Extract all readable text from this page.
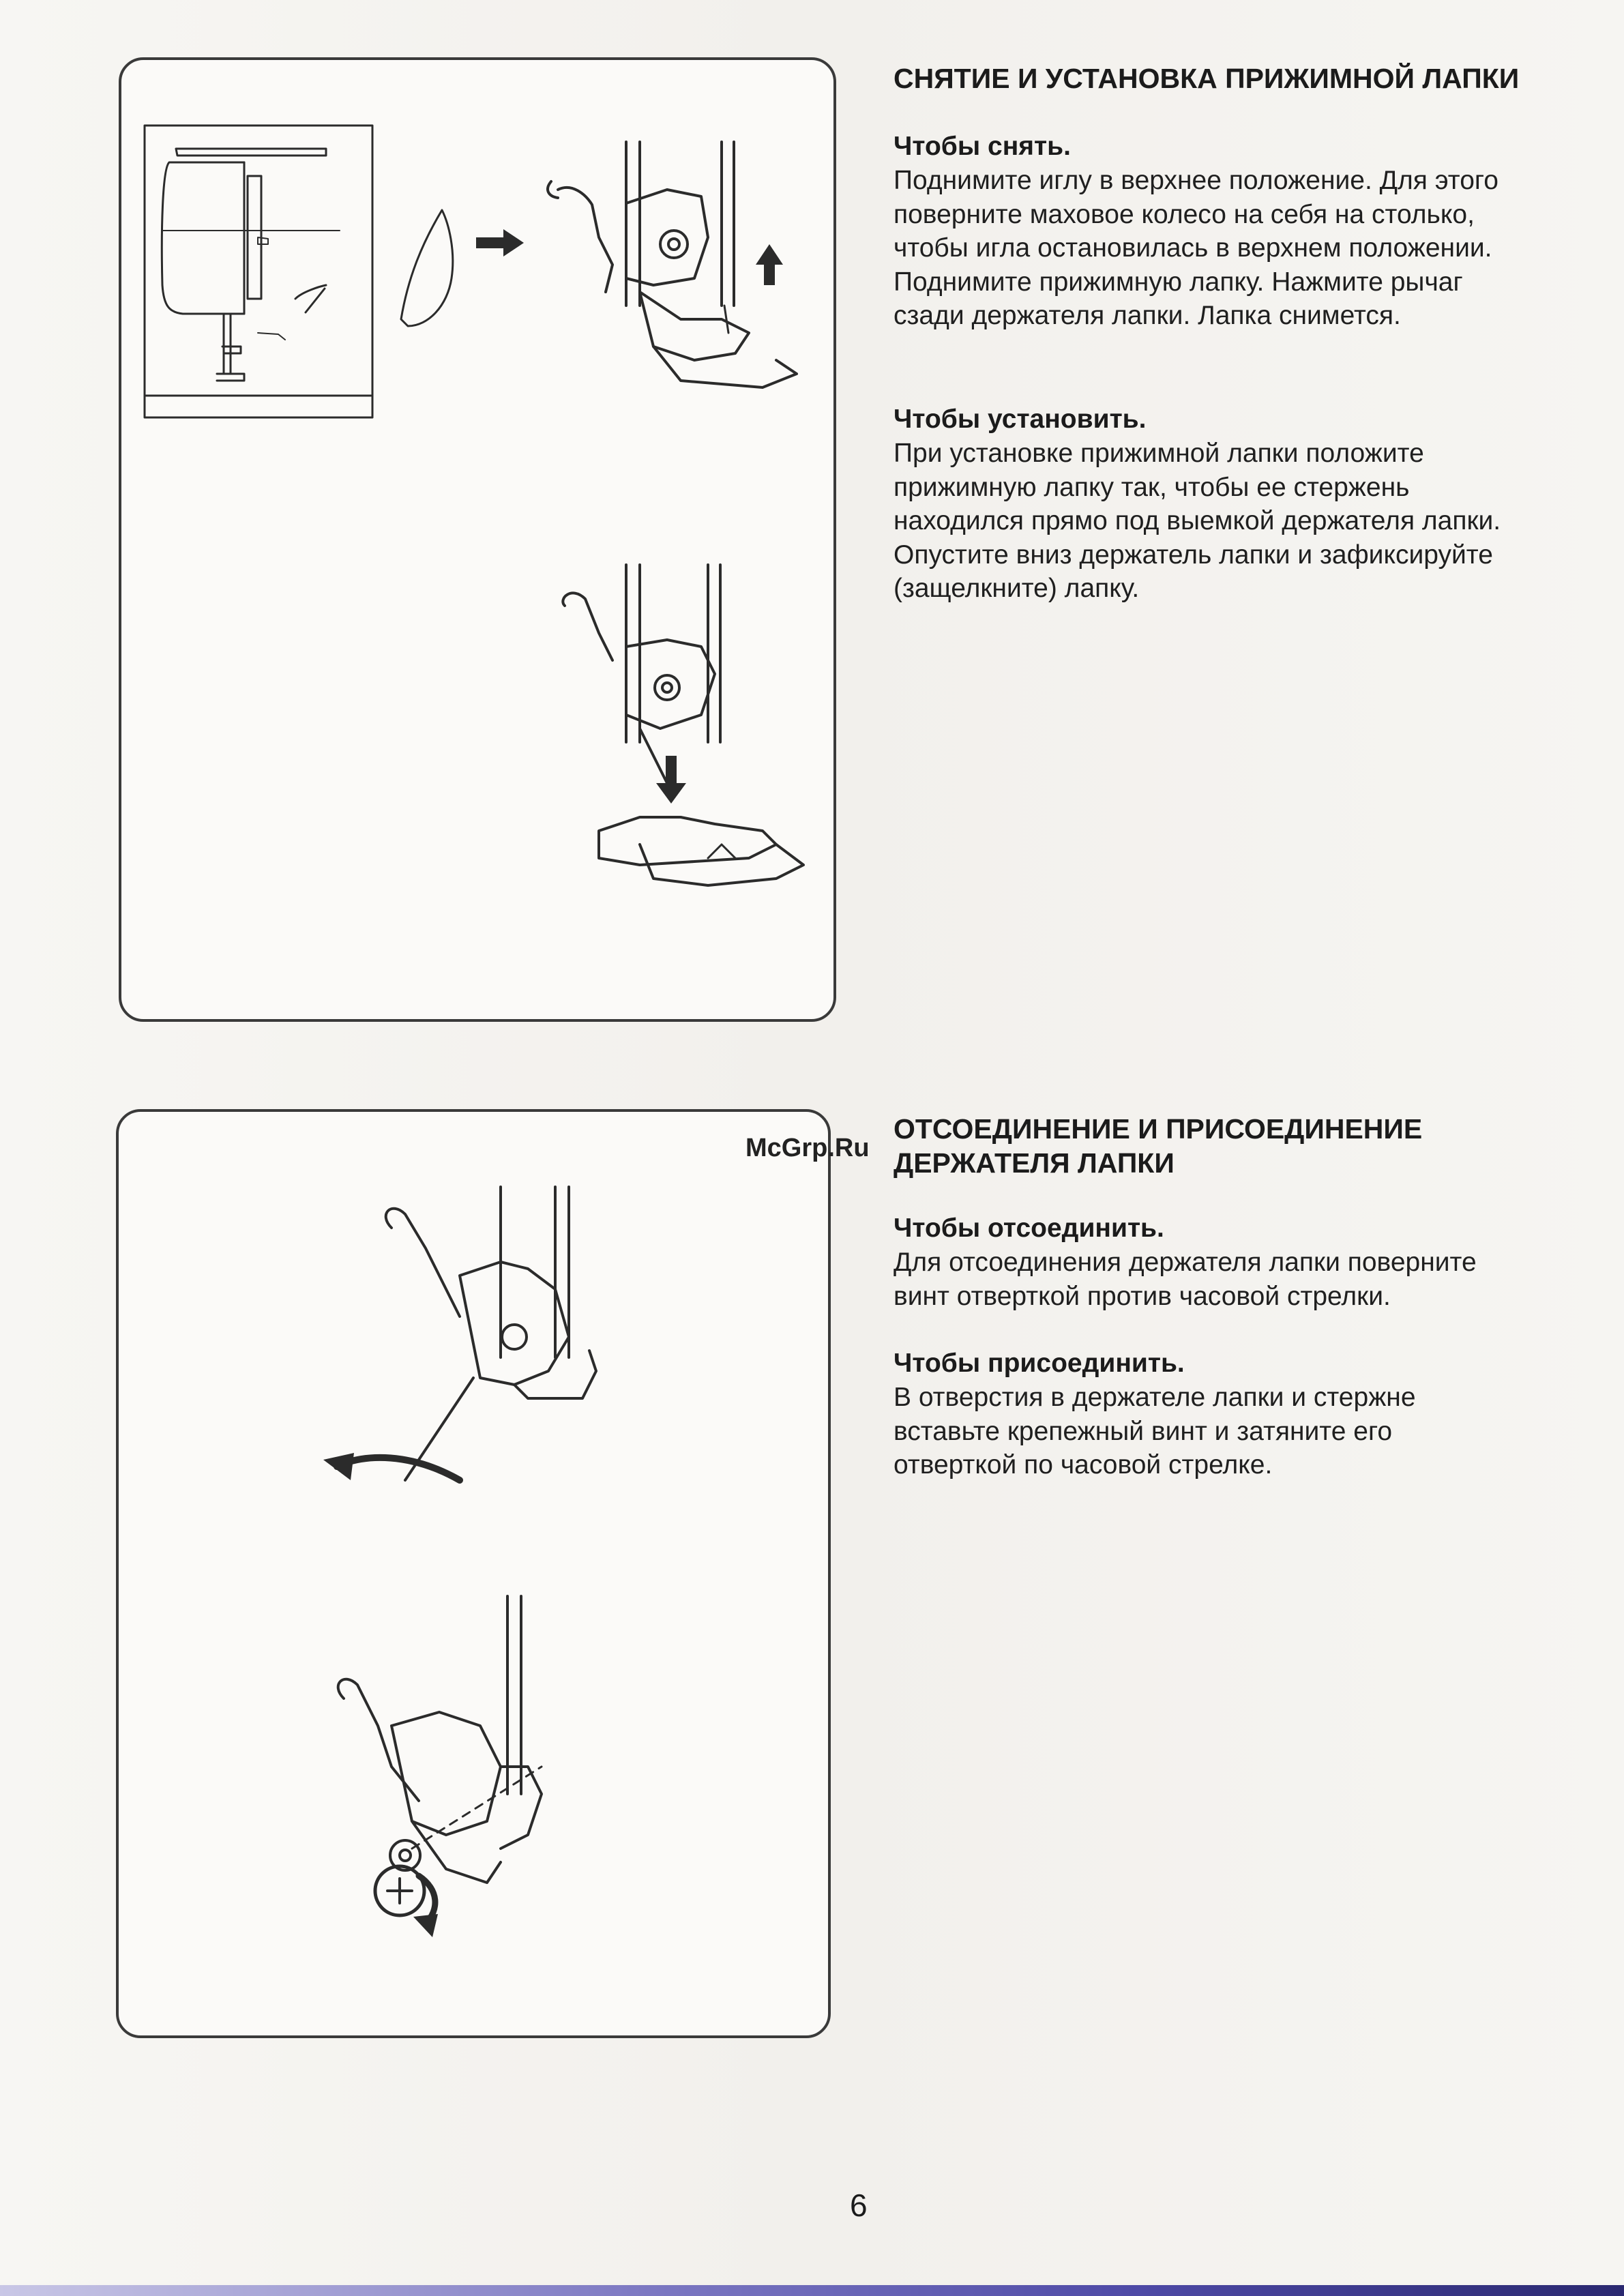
СНЯТИЕ И УСТАНОВКА ПРИЖИМНОЙ ЛАПКИ

Чтобы снять.

Поднимите иглу в верхнее положение. Для этого

поверните маховое колесо на себя на столько,

чтобы игла остановилась в верхнем положении.

Поднимите прижимную лапку. Нажмите рычаг

сзади держателя лапки. Лапка снимется.

Чтобы установить.

При установке прижимной лапки положите

прижимную лапку так, чтобы ее стержень

находился прямо под выемкой держателя лапки.

Опустите вниз держатель лапки и зафиксируйте

(защелкните) лапку.

McGrp.Ru

ОТСОЕДИНЕНИЕ И ПРИСОЕДИНЕНИЕ

ДЕРЖАТЕЛЯ ЛАПКИ

Чтобы отсоединить.

Для отсоединения держателя лапки поверните

винт отверткой против часовой стрелки.

Чтобы присоединить.

В отверстия в держателе лапки и стержне

вставьте крепежный винт и затяните его

отверткой по часовой стрелке.

6
